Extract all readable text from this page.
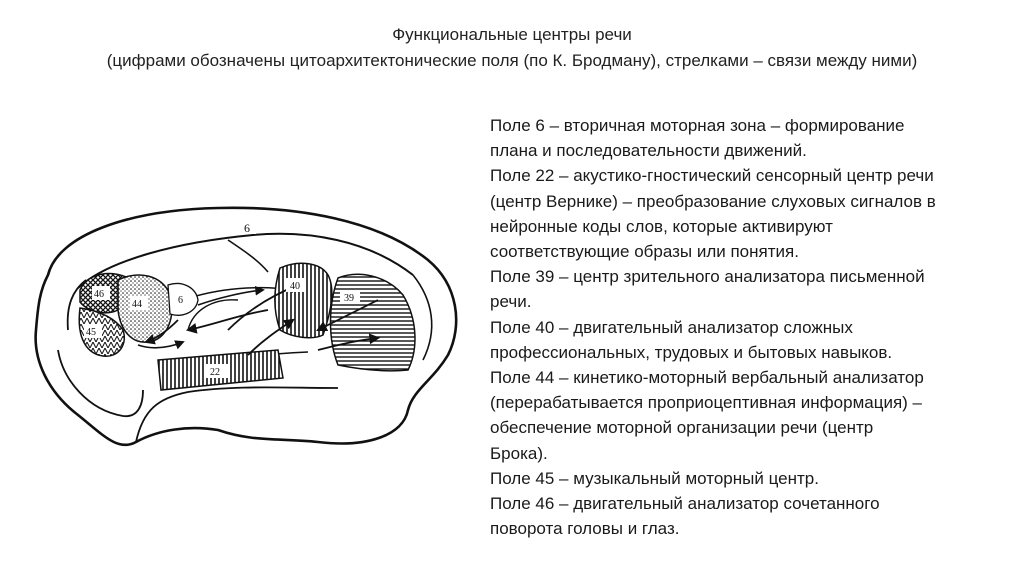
Функциональные центры речи
(цифрами обозначены цитоархитектонические поля (по К. Бродману), стрелками – связи между ними)
6
46
44	6
45
40
39
22
Поле 6 – вторичная моторная зона – формирование
плана и последовательности движений.
Поле 22 – акустико-гностический сенсорный центр речи
(центр Вернике) – преобразование слуховых сигналов в
нейронные коды слов, которые активируют
соответствующие образы или понятия.
Поле 39 – центр зрительного анализатора письменной
речи.
Поле 40 – двигательный анализатор сложных
профессиональных, трудовых и бытовых навыков.
Поле 44 – кинетико-моторный вербальный анализатор
(перерабатывается проприоцептивная информация) –
обеспечение моторной организации речи (центр
Брока).
Поле 45 – музыкальный моторный центр.
Поле 46 – двигательный анализатор сочетанного
поворота головы и глаз.
